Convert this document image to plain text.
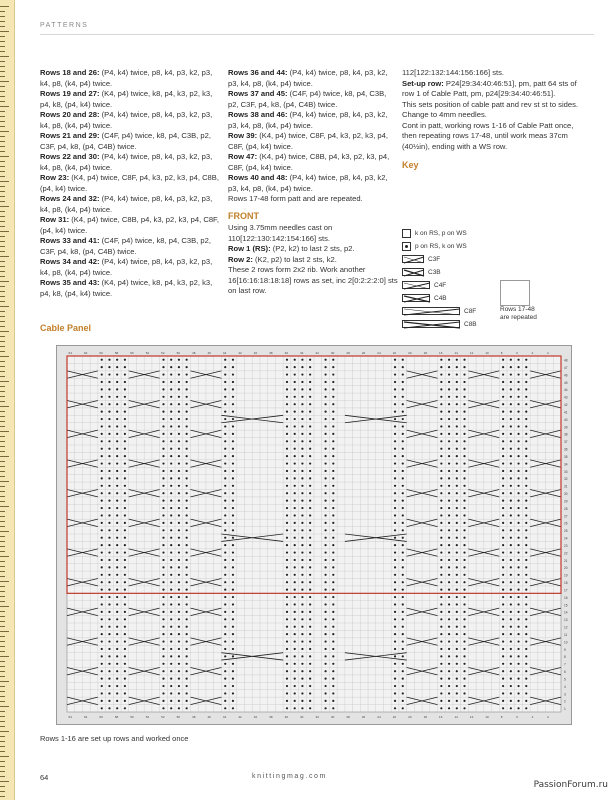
PATTERNS

Rows 18 and 26: (P4, k4) twice, p8, k4, p3, k2, p3, k4, p8, (k4, p4) twice.

Rows 19 and 27: (K4, p4) twice, k8, p4, k3, p2, k3, p4, k8, (p4, k4) twice.

Rows 20 and 28: (P4, k4) twice, p8, k4, p3, k2, p3, k4, p8, (k4, p4) twice.

Rows 21 and 29: (C4F, p4) twice, k8, p4, C3B, p2, C3F, p4, k8, (p4, C4B) twice.

Rows 22 and 30: (P4, k4) twice, p8, k4, p3, k2, p3, k4, p8, (k4, p4) twice.

Row 23: (K4, p4) twice, C8F, p4, k3, p2, k3, p4, C8B, (p4, k4) twice.

Rows 24 and 32: (P4, k4) twice, p8, k4, p3, k2, p3, k4, p8, (k4, p4) twice.

Row 31: (K4, p4) twice, C8B, p4, k3, p2, k3, p4, C8F, (p4, k4) twice.

Rows 33 and 41: (C4F, p4) twice, k8, p4, C3B, p2, C3F, p4, k8, (p4, C4B) twice.

Rows 34 and 42: (P4, k4) twice, p8, k4, p3, k2, p3, k4, p8, (k4, p4) twice.

Rows 35 and 43: (K4, p4) twice, k8, p4, k3, p2, k3, p4, k8, (p4, k4) twice.

Rows 36 and 44: (P4, k4) twice, p8, k4, p3, k2, p3, k4, p8, (k4, p4) twice.

Rows 37 and 45: (C4F, p4) twice, k8, p4, C3B, p2, C3F, p4, k8, (p4, C4B) twice.

Rows 38 and 46: (P4, k4) twice, p8, k4, p3, k2, p3, k4, p8, (k4, p4) twice.

Row 39: (K4, p4) twice, C8F, p4, k3, p2, k3, p4, C8F, (p4, k4) twice.

Row 47: (K4, p4) twice, C8B, p4, k3, p2, k3, p4, C8F, (p4, k4) twice.

Rows 40 and 48: (P4, k4) twice, p8, k4, p3, k2, p3, k4, p8, (k4, p4) twice.

Rows 17-48 form patt and are repeated.

FRONT

Using 3.75mm needles cast on 110[122:130:142:154:166] sts.

Row 1 (RS): (P2, k2) to last 2 sts, p2.

Row 2: (K2, p2) to last 2 sts, k2.

These 2 rows form 2x2 rib. Work another 16[16:16:18:18:18] rows as set, inc 2[0:2:2:2:0] sts on last row.

112[122:132:144:156:166] sts.

Set-up row: P24[29:34:40:46:51], pm, patt 64 sts of row 1 of Cable Patt, pm, p24[29:34:40:46:51].

This sets position of cable patt and rev st st to sides.

Change to 4mm needles.

Cont in patt, working rows 1-16 of Cable Patt once, then repeating rows 17-48, until work meas 37cm (40½in), ending with a WS row.

Key
Rows 17-48
are repeated
k on RS, p on WS
p on RS, k on WS
C3F
C3B
C4F
C4B
C8F
C8B
Cable Panel
48
47
46
45
44
43
42
41
40
39
38
37
36
35
34
33
32
31
30
29
28
27
26
25
24
23
22
21
20
19
18
17
16
15
14
13
12
11
10
9
8
7
6
5
4
3
2
1
64
64
62
62
60
60
58
58
56
56
54
54
52
52
50
50
48
48
46
46
44
44
42
42
40
40
38
38
36
36
34
34
32
32
30
30
28
28
26
26
24
24
22
22
20
20
18
18
16
16
14
14
12
12
10
10
8
8
6
6
4
4
2
2
Rows 1-16 are set up rows and worked once
64	knittingmag.com
PassionForum.ru
